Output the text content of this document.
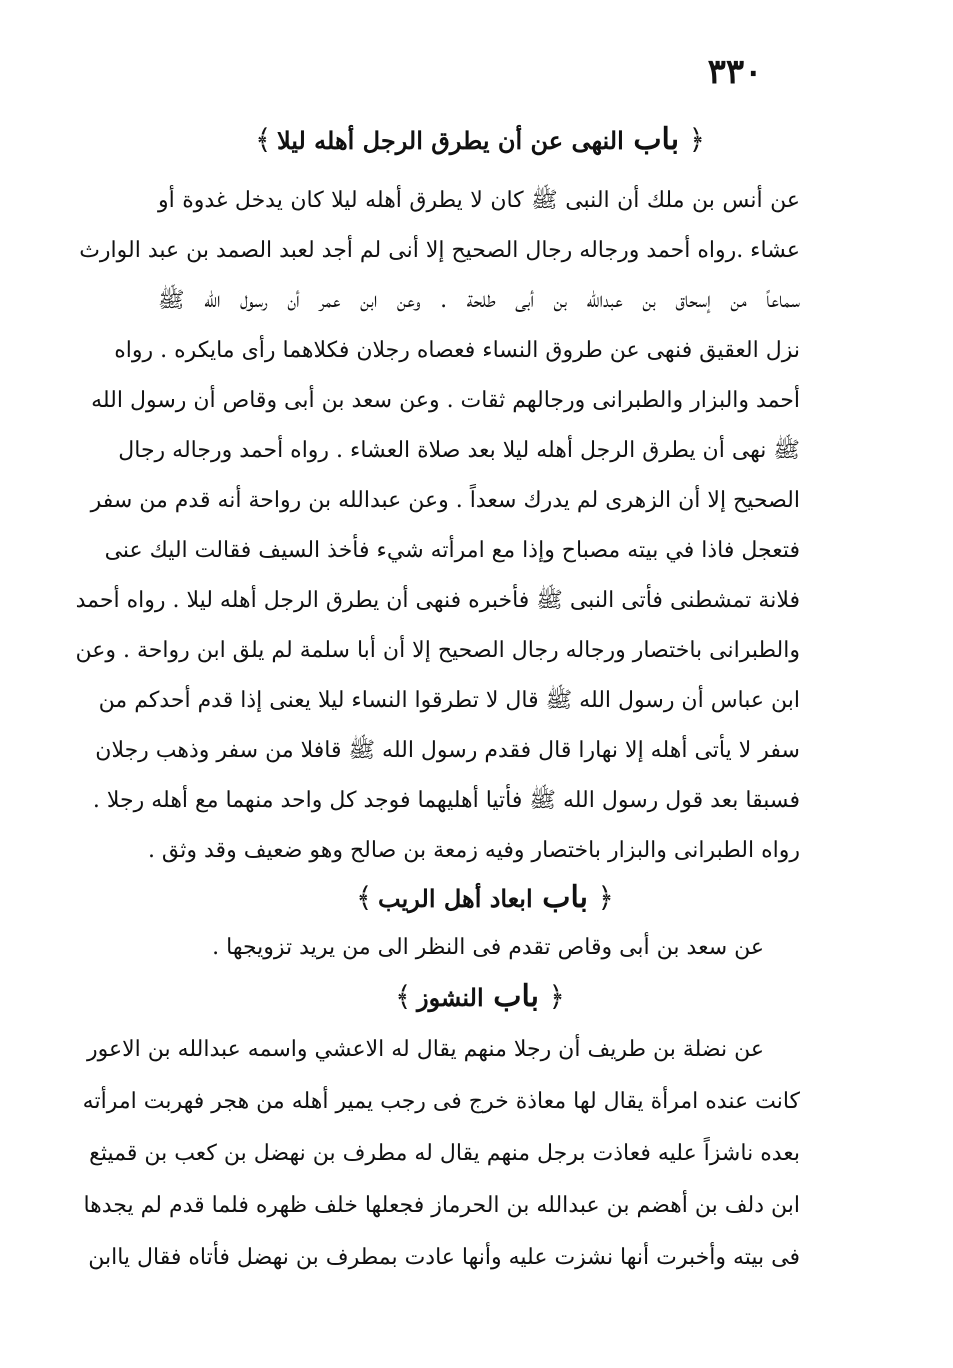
٣٣٠
﴿ باب النهى عن أن يطرق الرجل أهله ليلا ﴾
عن أنس بن ملك أن النبى ﷺ كان لا يطرق أهله ليلا كان يدخل غدوة أو
عشاء .رواه أحمد ورجاله رجال الصحيح إلا أنى لم أجد لعبد الصمد بن عبد الوارث
سماعاً من إسحاق بن عبدالله بن أبى طلحة . وعن ابن عمر أن رسول الله ﷺ
نزل العقيق فنهى عن طروق النساء فعصاه رجلان فكلاهما رأى مايكره . رواه
أحمد والبزار والطبرانى ورجالهم ثقات . وعن سعد بن أبى وقاص أن رسول الله
ﷺ نهى أن يطرق الرجل أهله ليلا بعد صلاة العشاء . رواه أحمد ورجاله رجال
الصحيح إلا أن الزهرى لم يدرك سعداً . وعن عبدالله بن رواحة أنه قدم من سفر
فتعجل فاذا في بيته مصباح وإذا مع امرأته شيء فأخذ السيف فقالت اليك عنى
فلانة تمشطنى فأتى النبى ﷺ فأخبره فنهى أن يطرق الرجل أهله ليلا . رواه أحمد
والطبرانى باختصار ورجاله رجال الصحيح إلا أن أبا سلمة لم يلق ابن رواحة . وعن
ابن عباس أن رسول الله ﷺ قال لا تطرقوا النساء ليلا يعنى إذا قدم أحدكم من
سفر لا يأتى أهله إلا نهارا قال فقدم رسول الله ﷺ قافلا من سفر وذهب رجلان
فسبقا بعد قول رسول الله ﷺ فأتيا أهليهما فوجد كل واحد منهما مع أهله رجلا .
رواه الطبرانى والبزار باختصار وفيه زمعة بن صالح وهو ضعيف وقد وثق .
﴿ باب ابعاد أهل الريب ﴾
عن سعد بن أبى وقاص تقدم فى النظر الى من يريد تزويجها .
﴿ باب النشوز ﴾
عن نضلة بن طريف أن رجلا منهم يقال له الاعشي واسمه عبدالله بن الاعور
كانت عنده امرأة يقال لها معاذة خرج فى رجب يمير أهله من هجر فهربت امرأته
بعده ناشزاً عليه فعاذت برجل منهم يقال له مطرف بن نهضل بن كعب بن قميثع
ابن دلف بن أهضم بن عبدالله بن الحرماز فجعلها خلف ظهره فلما قدم لم يجدها
فى بيته وأخبرت أنها نشزت عليه وأنها عادت بمطرف بن نهضل فأتاه فقال ياابن
